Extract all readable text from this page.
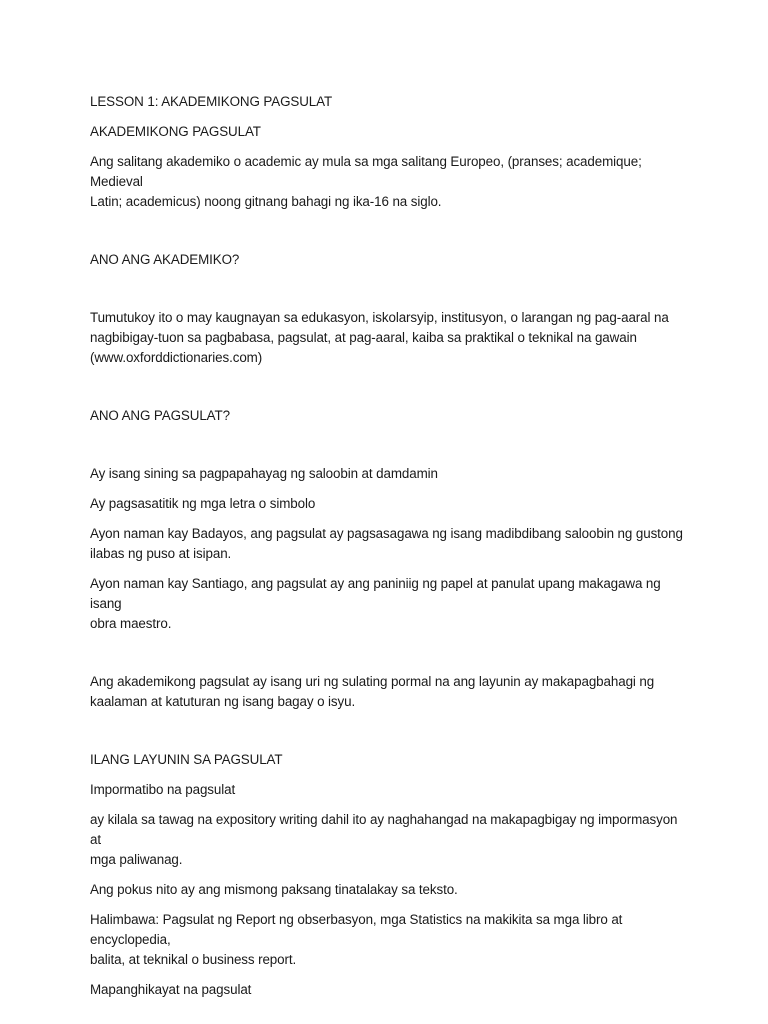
LESSON 1: AKADEMIKONG PAGSULAT

AKADEMIKONG PAGSULAT

Ang salitang akademiko o academic ay mula sa mga salitang Europeo, (pranses; academique; Medieval

Latin; academicus) noong gitnang bahagi ng ika-16 na siglo.

ANO ANG AKADEMIKO?

Tumutukoy ito o may kaugnayan sa edukasyon, iskolarsyip, institusyon, o larangan ng pag-aaral na

nagbibigay-tuon sa pagbabasa, pagsulat, at pag-aaral, kaiba sa praktikal o teknikal na gawain

(www.oxforddictionaries.com)

ANO ANG PAGSULAT?

Ay isang sining sa pagpapahayag ng saloobin at damdamin

Ay pagsasatitik ng mga letra o simbolo

Ayon naman kay Badayos, ang pagsulat ay pagsasagawa ng isang madibdibang saloobin ng gustong

ilabas ng puso at isipan.

Ayon naman kay Santiago, ang pagsulat ay ang paniniig ng papel at panulat upang makagawa ng isang

obra maestro.

Ang akademikong pagsulat ay isang uri ng sulating pormal na ang layunin ay makapagbahagi ng

kaalaman at katuturan ng isang bagay o isyu.

ILANG LAYUNIN SA PAGSULAT

Impormatibo na pagsulat

ay kilala sa tawag na expository writing dahil ito ay naghahangad na makapagbigay ng impormasyon at

mga paliwanag.

Ang pokus nito ay ang mismong paksang tinatalakay sa teksto.

Halimbawa: Pagsulat ng Report ng obserbasyon, mga Statistics na makikita sa mga libro at encyclopedia,

balita, at teknikal o business report.

Mapanghikayat na pagsulat
